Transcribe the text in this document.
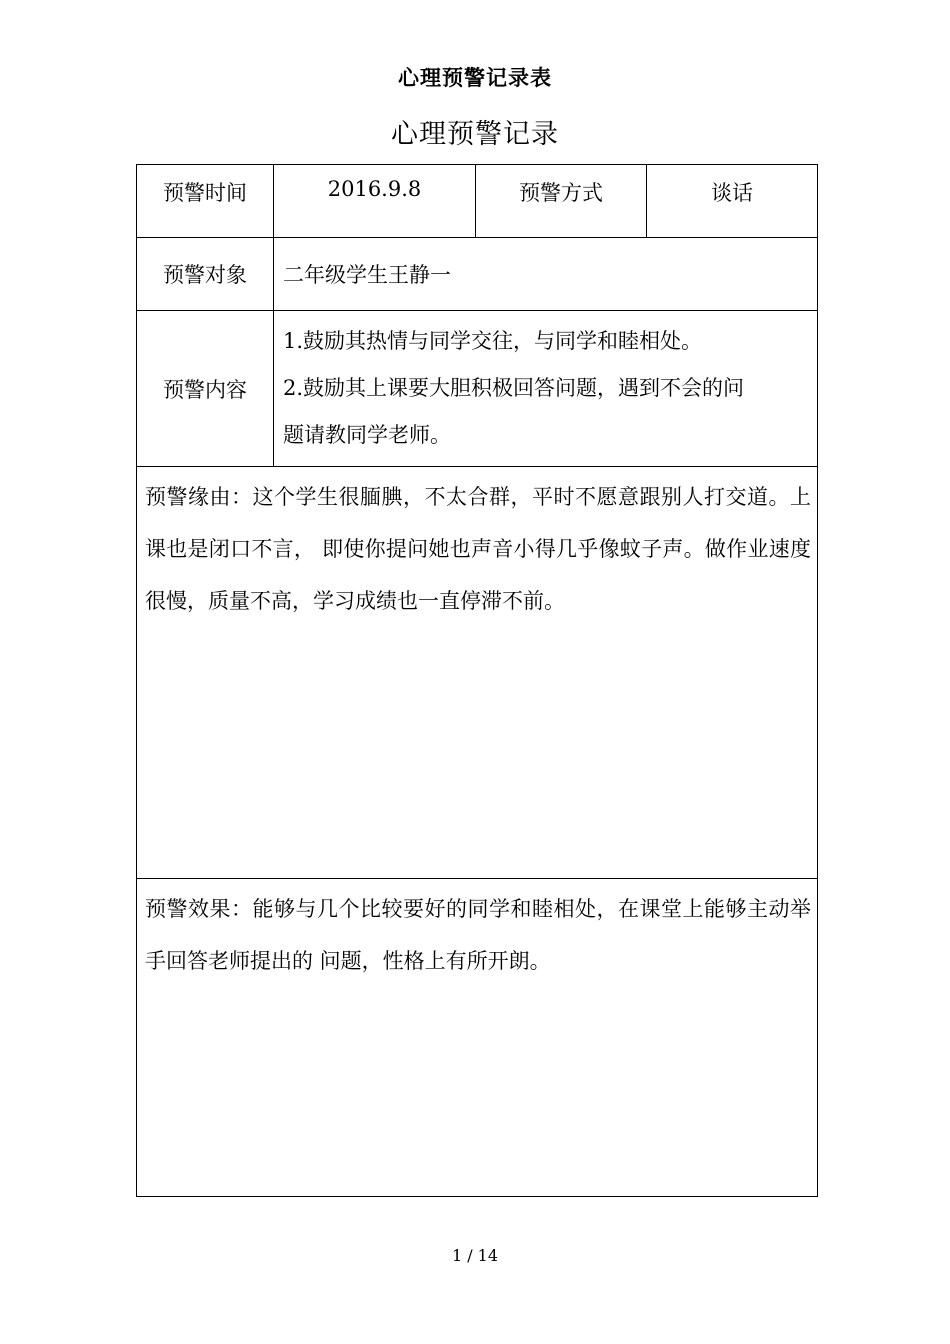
心理预警记录表
心理预警记录
预警时间	2016.9.8	预警方式	谈话
预警对象	二年级学生王静一		
预警内容	1.鼓励其热情与同学交往，与同学和睦相处。
2.鼓励其上课要大胆积极回答问题，遇到不会的问
题请教同学老师。		

预警缘由：这个学生很腼腆，不太合群，平时不愿意跟别人打交道。上课也是闭口不言， 即使你提问她也声音小得几乎像蚊子声。做作业速度很慢，质量不高，学习成绩也一直停滞不前。			
预警效果：能够与几个比较要好的同学和睦相处，在课堂上能够主动举手回答老师提出的 问题，性格上有所开朗。			
1 / 14
